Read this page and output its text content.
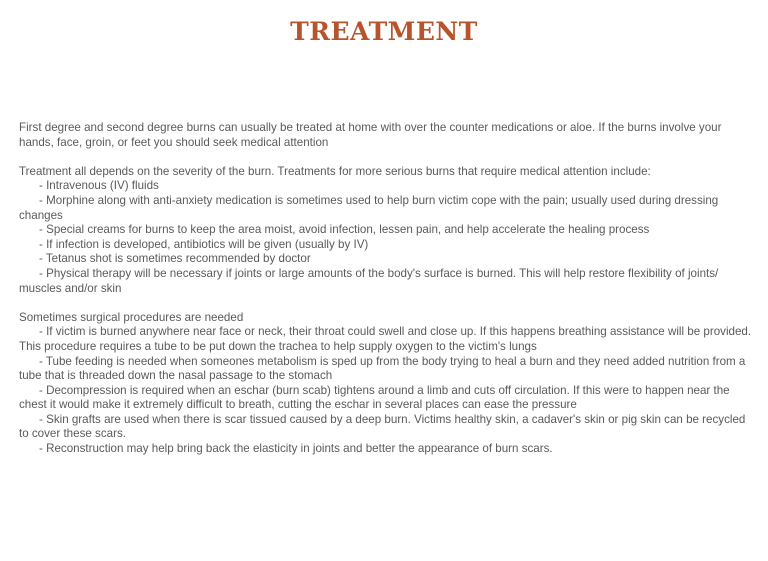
TREATMENT

First degree and second degree burns can usually be treated at home with over the counter medications or aloe. If the burns involve your hands, face, groin, or feet you should seek medical attention

Treatment all depends on the severity of the burn. Treatments for more serious burns that require medical attention include:

- Intravenous (IV) fluids

- Morphine along with anti-anxiety medication is sometimes used to help burn victim cope with the pain; usually used during dressing changes

- Special creams for burns to keep the area moist, avoid infection, lessen pain, and help accelerate the healing process

- If infection is developed, antibiotics will be given (usually by IV)

- Tetanus shot is sometimes recommended by doctor

- Physical therapy will be necessary if joints or large amounts of the body's surface is burned. This will help restore flexibility of joints/ muscles and/or skin

Sometimes surgical procedures are needed

- If victim is burned anywhere near face or neck, their throat could swell and close up. If this happens breathing assistance will be provided. This procedure requires a tube to be put down the trachea to help supply oxygen to the victim's lungs

- Tube feeding is needed when someones metabolism is sped up from the body trying to heal a burn and they need added nutrition from a tube that is threaded down the nasal passage to the stomach

- Decompression is required when an eschar (burn scab) tightens around a limb and cuts off circulation. If this were to happen near the chest it would make it extremely difficult to breath, cutting the eschar in several places can ease the pressure

- Skin grafts are used when there is scar tissued caused by a deep burn. Victims healthy skin, a cadaver's skin or pig skin can be recycled to cover these scars.

- Reconstruction may help bring back the elasticity in joints and better the appearance of burn scars.
